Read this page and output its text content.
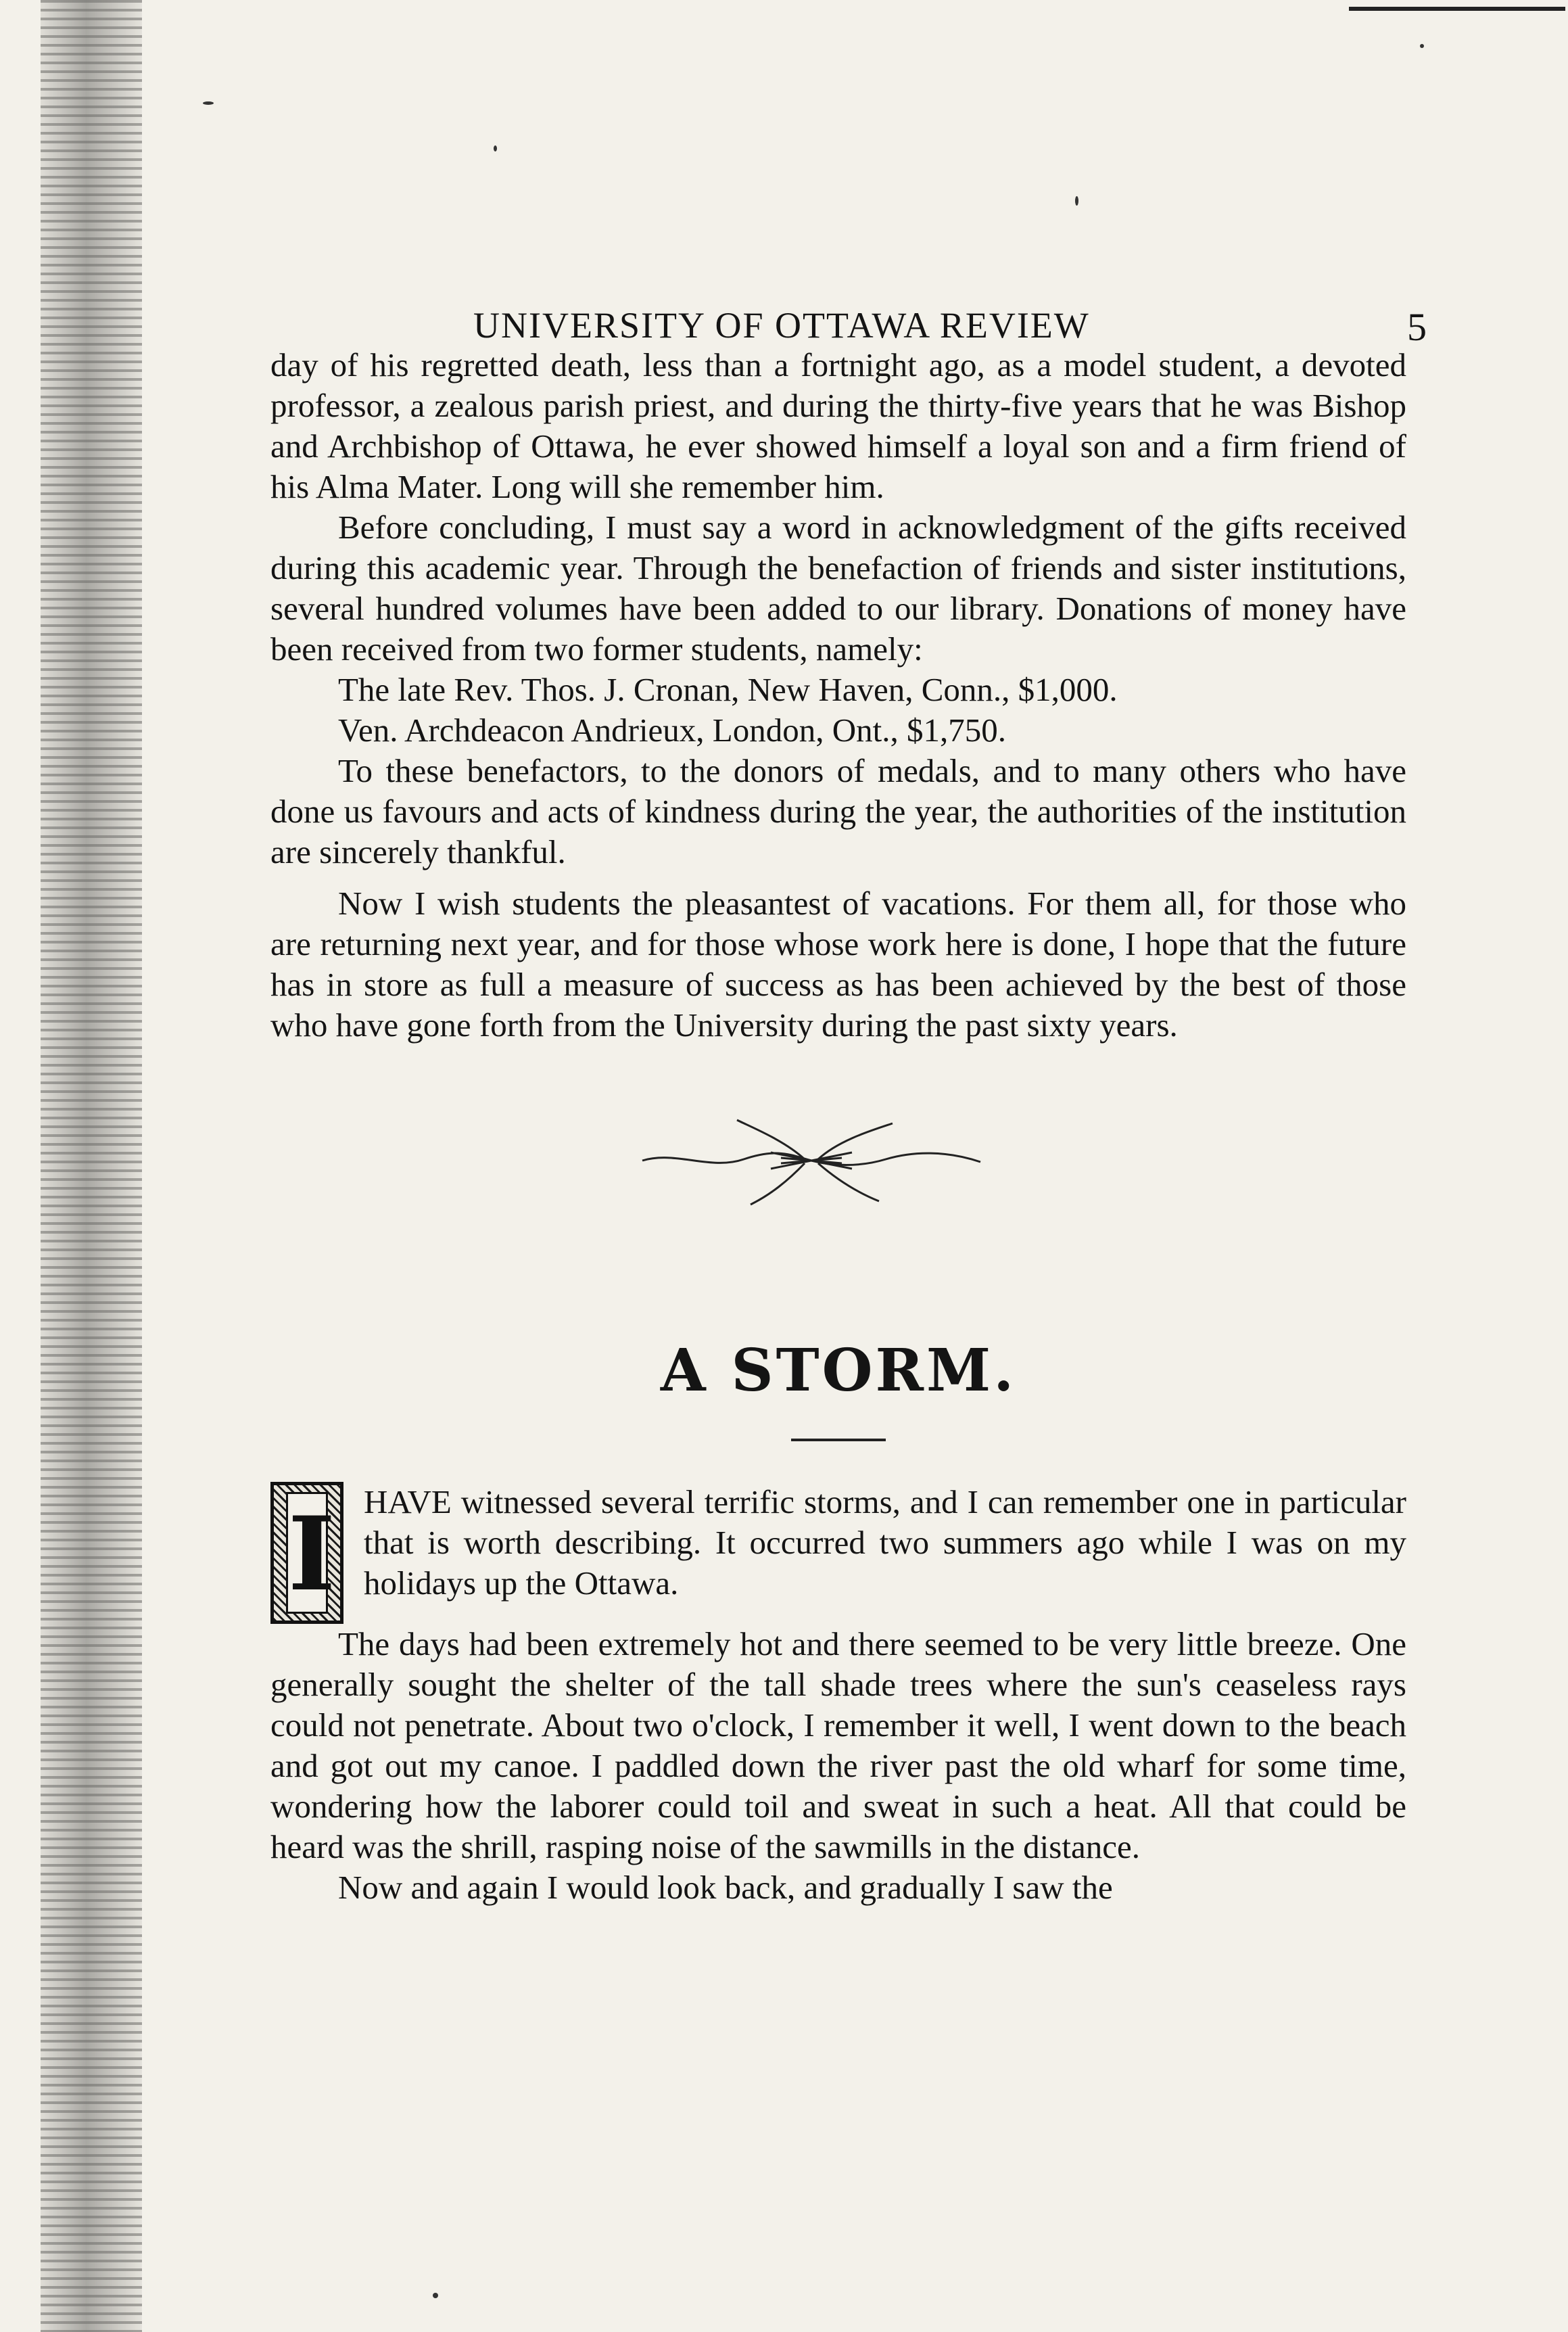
UNIVERSITY OF OTTAWA REVIEW	5

day of his regretted death, less than a fortnight ago, as a model student, a devoted professor, a zealous parish priest, and during the thirty-five years that he was Bishop and Archbishop of Ottawa, he ever showed himself a loyal son and a firm friend of his Alma Mater. Long will she remember him.

Before concluding, I must say a word in acknowledgment of the gifts received during this academic year. Through the benefaction of friends and sister institutions, several hundred volumes have been added to our library. Donations of money have been received from two former students, namely:

The late Rev. Thos. J. Cronan, New Haven, Conn., $1,000.

Ven. Archdeacon Andrieux, London, Ont., $1,750.

To these benefactors, to the donors of medals, and to many others who have done us favours and acts of kindness during the year, the authorities of the institution are sincerely thankful.

Now I wish students the pleasantest of vacations. For them all, for those who are returning next year, and for those whose work here is done, I hope that the future has in store as full a measure of success as has been achieved by the best of those who have gone forth from the University during the past sixty years.

A STORM.
I HAVE witnessed several terrific storms, and I can remember one in particular that is worth describing. It occurred two summers ago while I was on my holidays up the Ottawa.

The days had been extremely hot and there seemed to be very little breeze. One generally sought the shelter of the tall shade trees where the sun's ceaseless rays could not penetrate. About two o'clock, I remember it well, I went down to the beach and got out my canoe. I paddled down the river past the old wharf for some time, wondering how the laborer could toil and sweat in such a heat. All that could be heard was the shrill, rasping noise of the sawmills in the distance.

Now and again I would look back, and gradually I saw the
